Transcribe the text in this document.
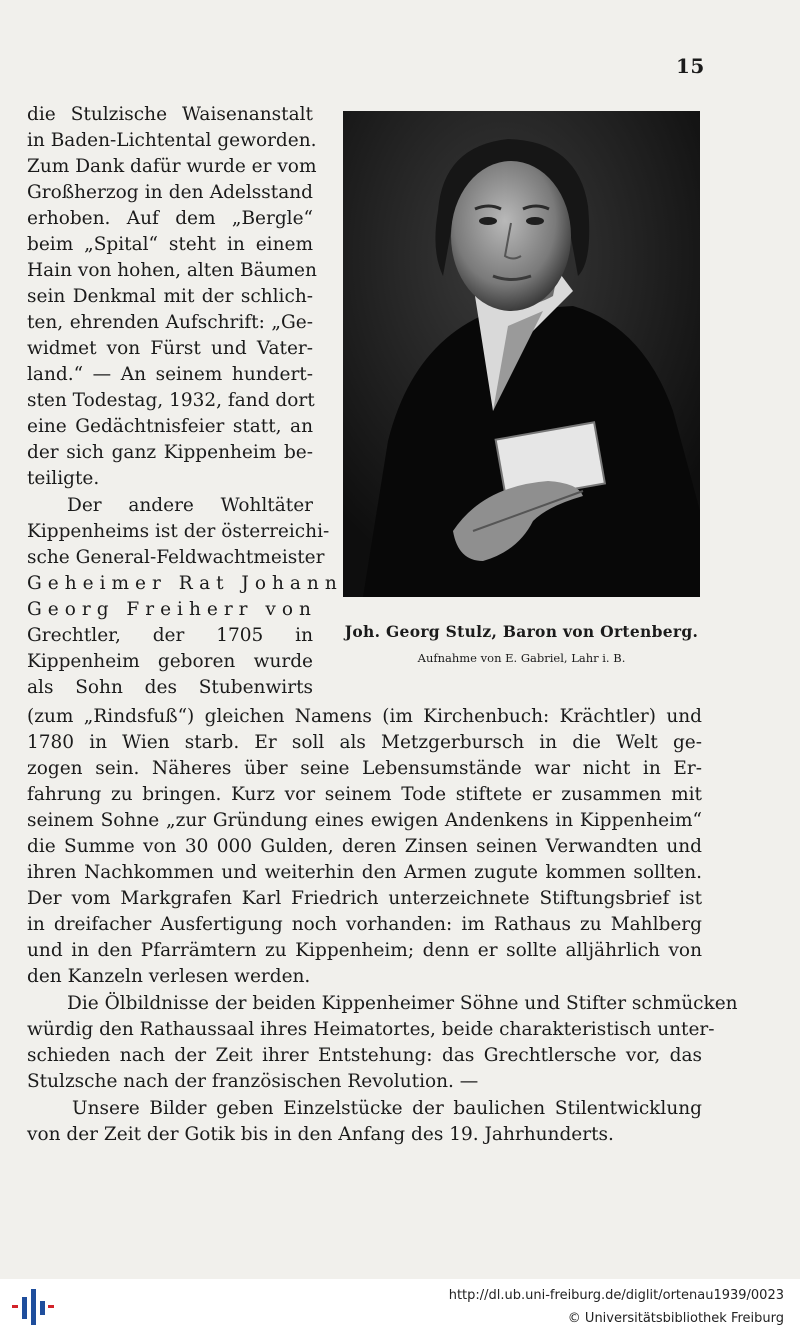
15
Joh. Georg Stulz, Baron von Ortenberg.
Aufnahme von E. Gabriel, Lahr i. B.
die Stulzische Waisenanstalt
in Baden-Lichtental geworden.
Zum Dank dafür wurde er vom
Großherzog in den Adelsstand
erhoben. Auf dem „Bergle“
beim „Spital“ steht in einem
Hain von hohen, alten Bäumen
sein Denkmal mit der schlich-
ten, ehrenden Aufschrift: „Ge-
widmet von Fürst und Vater-
land.“ — An seinem hundert-
sten Todestag, 1932, fand dort
eine Gedächtnisfeier statt, an
der sich ganz Kippenheim be-
teiligte.
Der andere Wohltäter
Kippenheims ist der österreichi-
sche General-Feldwachtmeister
Geheimer Rat Johann
Georg Freiherr von
Grechtler, der 1705 in
Kippenheim geboren wurde
als Sohn des Stubenwirts
(zum „Rindsfuß“) gleichen Namens (im Kirchenbuch: Krächtler) und
1780 in Wien starb. Er soll als Metzgerbursch in die Welt ge-
zogen sein. Näheres über seine Lebensumstände war nicht in Er-
fahrung zu bringen. Kurz vor seinem Tode stiftete er zusammen mit
seinem Sohne „zur Gründung eines ewigen Andenkens in Kippenheim“
die Summe von 30 000 Gulden, deren Zinsen seinen Verwandten und
ihren Nachkommen und weiterhin den Armen zugute kommen sollten.
Der vom Markgrafen Karl Friedrich unterzeichnete Stiftungsbrief ist
in dreifacher Ausfertigung noch vorhanden: im Rathaus zu Mahlberg
und in den Pfarrämtern zu Kippenheim; denn er sollte alljährlich von
den Kanzeln verlesen werden.
Die Ölbildnisse der beiden Kippenheimer Söhne und Stifter schmücken
würdig den Rathaussaal ihres Heimatortes, beide charakteristisch unter-
schieden nach der Zeit ihrer Entstehung: das Grechtlersche vor, das
Stulzsche nach der französischen Revolution. —
Unsere Bilder geben Einzelstücke der baulichen Stilentwicklung
von der Zeit der Gotik bis in den Anfang des 19. Jahrhunderts.
http://dl.ub.uni-freiburg.de/diglit/ortenau1939/0023
© Universitätsbibliothek Freiburg
